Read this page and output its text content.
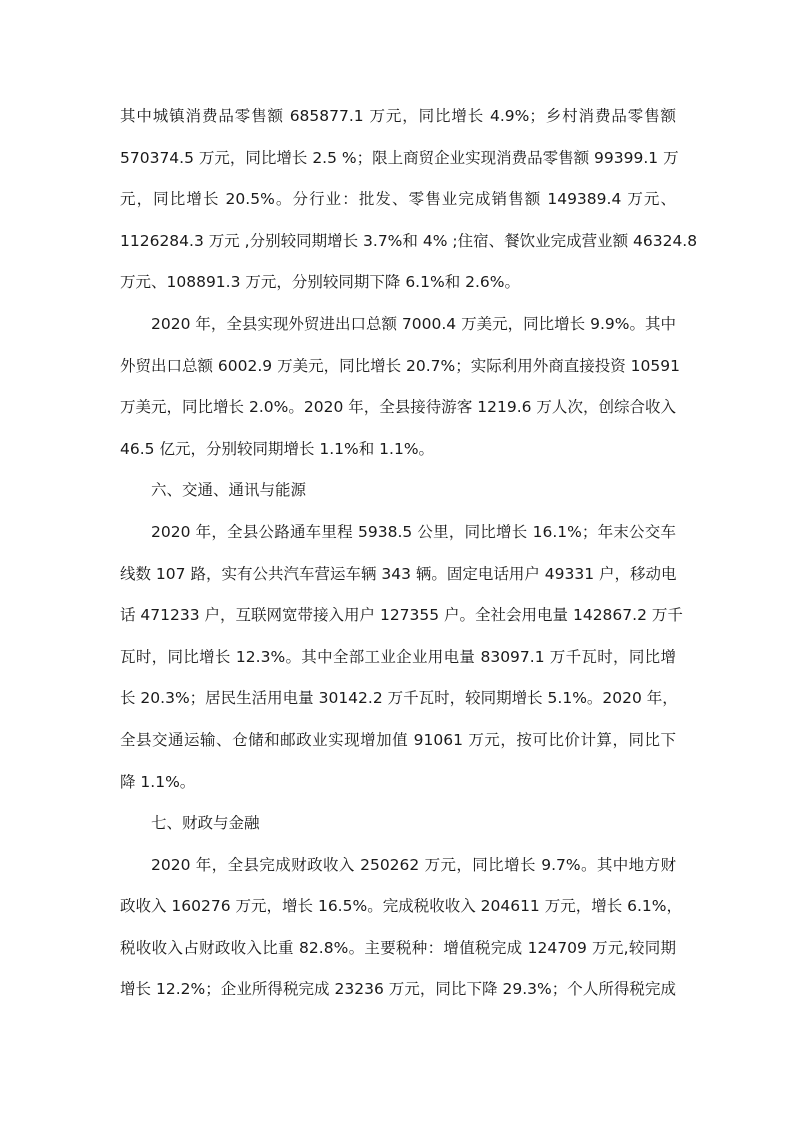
其中城镇消费品零售额 685877.1 万元，同比增长 4.9%；乡村消费品零售额
570374.5 万元，同比增长 2.5 %；限上商贸企业实现消费品零售额 99399.1 万
元，同比增长 20.5%。分行业：批发、零售业完成销售额 149389.4 万元、
1126284.3 万元 ,分别较同期增长 3.7%和 4% ;住宿、餐饮业完成营业额 46324.8
万元、108891.3 万元，分别较同期下降 6.1%和 2.6%。
2020 年，全县实现外贸进出口总额 7000.4 万美元，同比增长 9.9%。其中
外贸出口总额 6002.9 万美元，同比增长 20.7%；实际利用外商直接投资 10591
万美元，同比增长 2.0%。2020 年，全县接待游客 1219.6 万人次，创综合收入
46.5 亿元，分别较同期增长 1.1%和 1.1%。
六、交通、通讯与能源
2020 年，全县公路通车里程 5938.5 公里，同比增长 16.1%；年末公交车
线数 107 路，实有公共汽车营运车辆 343 辆。固定电话用户 49331 户，移动电
话 471233 户，互联网宽带接入用户 127355 户。全社会用电量 142867.2 万千
瓦时，同比增长 12.3%。其中全部工业企业用电量 83097.1 万千瓦时，同比增
长 20.3%；居民生活用电量 30142.2 万千瓦时，较同期增长 5.1%。2020 年，
全县交通运输、仓储和邮政业实现增加值 91061 万元，按可比价计算，同比下
降 1.1%。
七、财政与金融
2020 年，全县完成财政收入 250262 万元，同比增长 9.7%。其中地方财
政收入 160276 万元，增长 16.5%。完成税收收入 204611 万元，增长 6.1%，
税收收入占财政收入比重 82.8%。主要税种：增值税完成 124709 万元,较同期
增长 12.2%；企业所得税完成 23236 万元，同比下降 29.3%；个人所得税完成
